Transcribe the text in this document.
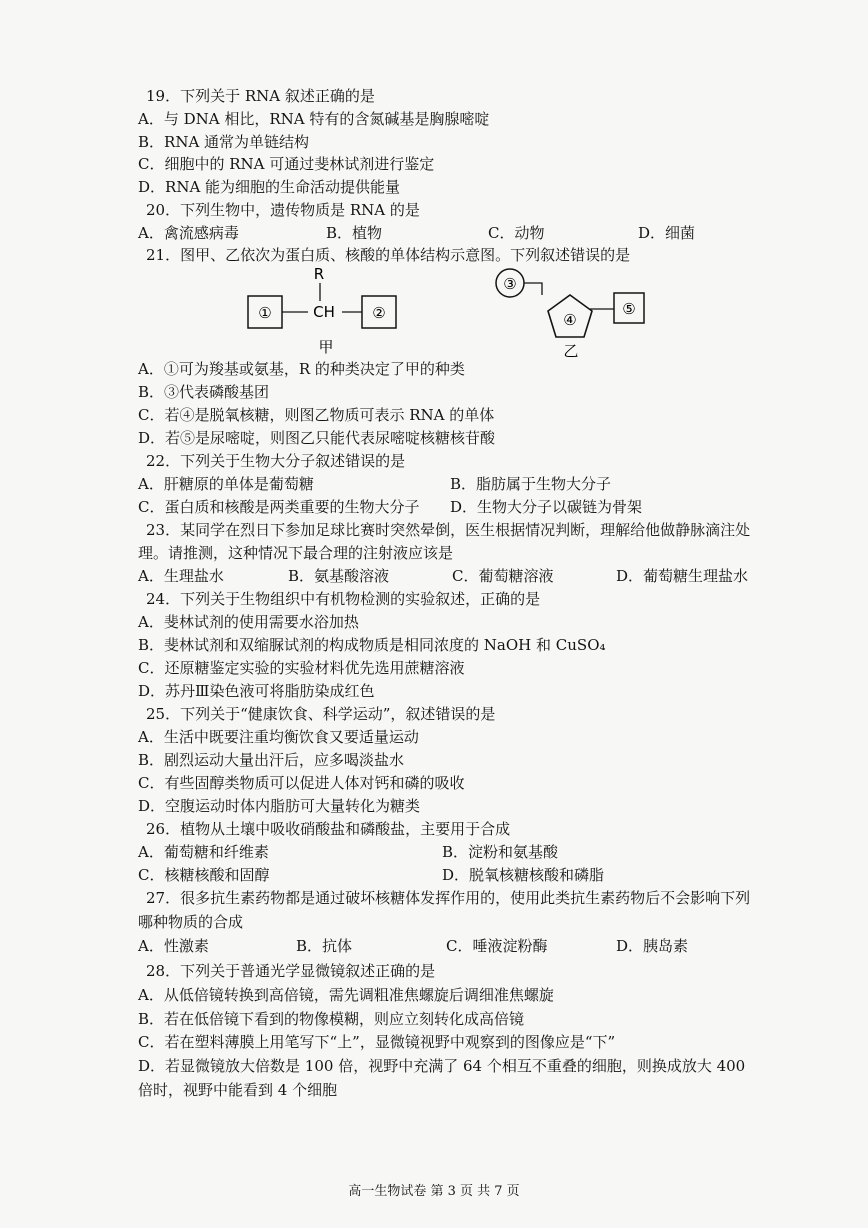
19．下列关于 RNA 叙述正确的是
A．与 DNA 相比，RNA 特有的含氮碱基是胸腺嘧啶
B．RNA 通常为单链结构
C．细胞中的 RNA 可通过斐林试剂进行鉴定
D．RNA 能为细胞的生命活动提供能量
20．下列生物中，遗传物质是 RNA 的是
A．禽流感病毒	B．植物	C．动物	D．细菌
21．图甲、乙依次为蛋白质、核酸的单体结构示意图。下列叙述错误的是
①	CH
R
②
甲
③
④
⑤
乙
A．①可为羧基或氨基，R 的种类决定了甲的种类
B．③代表磷酸基团
C．若④是脱氧核糖，则图乙物质可表示 RNA 的单体
D．若⑤是尿嘧啶，则图乙只能代表尿嘧啶核糖核苷酸
22．下列关于生物大分子叙述错误的是
A．肝糖原的单体是葡萄糖	B．脂肪属于生物大分子
C．蛋白质和核酸是两类重要的生物大分子 D．生物大分子以碳链为骨架
23．某同学在烈日下参加足球比赛时突然晕倒，医生根据情况判断，理解给他做静脉滴注处
理。请推测，这种情况下最合理的注射液应该是
A．生理盐水	B．氨基酸溶液	C．葡萄糖溶液	D．葡萄糖生理盐水
24．下列关于生物组织中有机物检测的实验叙述，正确的是
A．斐林试剂的使用需要水浴加热
B．斐林试剂和双缩脲试剂的构成物质是相同浓度的 NaOH 和 CuSO₄
C．还原糖鉴定实验的实验材料优先选用蔗糖溶液
D．苏丹Ⅲ染色液可将脂肪染成红色
25．下列关于“健康饮食、科学运动”，叙述错误的是
A．生活中既要注重均衡饮食又要适量运动
B．剧烈运动大量出汗后，应多喝淡盐水
C．有些固醇类物质可以促进人体对钙和磷的吸收
D．空腹运动时体内脂肪可大量转化为糖类
26．植物从土壤中吸收硝酸盐和磷酸盐，主要用于合成
A．葡萄糖和纤维素	B．淀粉和氨基酸
C．核糖核酸和固醇	D．脱氧核糖核酸和磷脂
27．很多抗生素药物都是通过破坏核糖体发挥作用的，使用此类抗生素药物后不会影响下列
哪种物质的合成
A．性激素	B．抗体	C．唾液淀粉酶	D．胰岛素
28．下列关于普通光学显微镜叙述正确的是
A．从低倍镜转换到高倍镜，需先调粗准焦螺旋后调细准焦螺旋
B．若在低倍镜下看到的物像模糊，则应立刻转化成高倍镜
C．若在塑料薄膜上用笔写下“上”，显微镜视野中观察到的图像应是“下”
D．若显微镜放大倍数是 100 倍，视野中充满了 64 个相互不重叠的细胞，则换成放大 400
倍时，视野中能看到 4 个细胞
高一生物试卷 第 3 页 共 7 页
